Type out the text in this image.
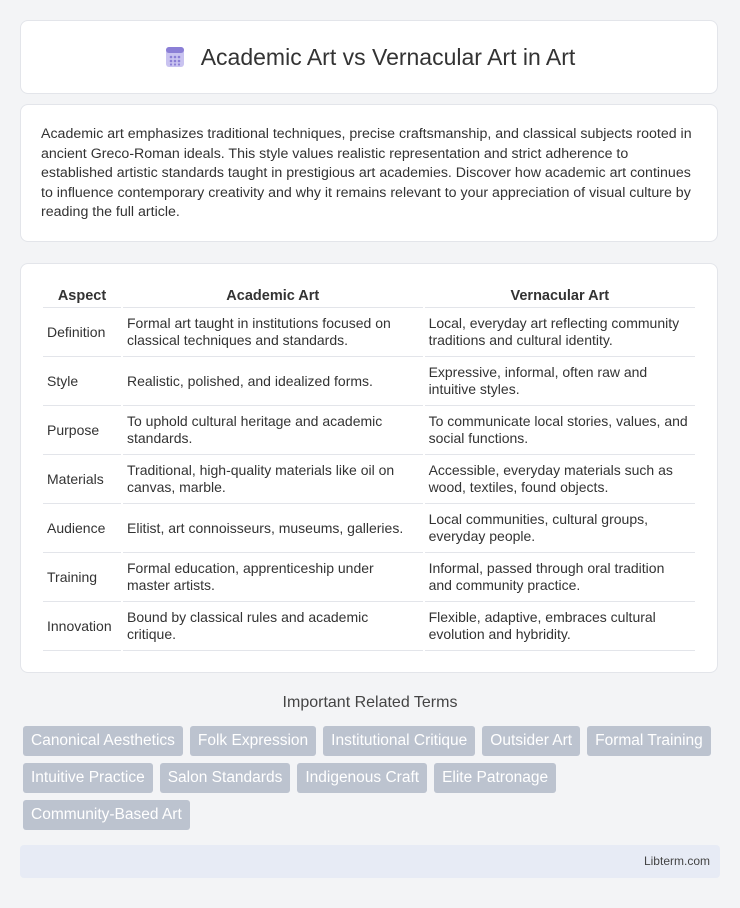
Academic Art vs Vernacular Art in Art

Academic art emphasizes traditional techniques, precise craftsmanship, and classical subjects rooted in ancient Greco-Roman ideals. This style values realistic representation and strict adherence to established artistic standards taught in prestigious art academies. Discover how academic art continues to influence contemporary creativity and why it remains relevant to your appreciation of visual culture by reading the full article.

Aspect	Academic Art	Vernacular Art
Definition	Formal art taught in institutions focused on classical techniques and standards.	Local, everyday art reflecting community traditions and cultural identity.
Style	Realistic, polished, and idealized forms.	Expressive, informal, often raw and intuitive styles.
Purpose	To uphold cultural heritage and academic standards.	To communicate local stories, values, and social functions.
Materials	Traditional, high-quality materials like oil on canvas, marble.	Accessible, everyday materials such as wood, textiles, found objects.
Audience	Elitist, art connoisseurs, museums, galleries.	Local communities, cultural groups, everyday people.
Training	Formal education, apprenticeship under master artists.	Informal, passed through oral tradition and community practice.
Innovation	Bound by classical rules and academic critique.	Flexible, adaptive, embraces cultural evolution and hybridity.
Important Related Terms
Canonical Aesthetics	Folk Expression	Institutional Critique	Outsider Art	Formal Training
Intuitive Practice	Salon Standards	Indigenous Craft	Elite Patronage
Community-Based Art
Libterm.com
